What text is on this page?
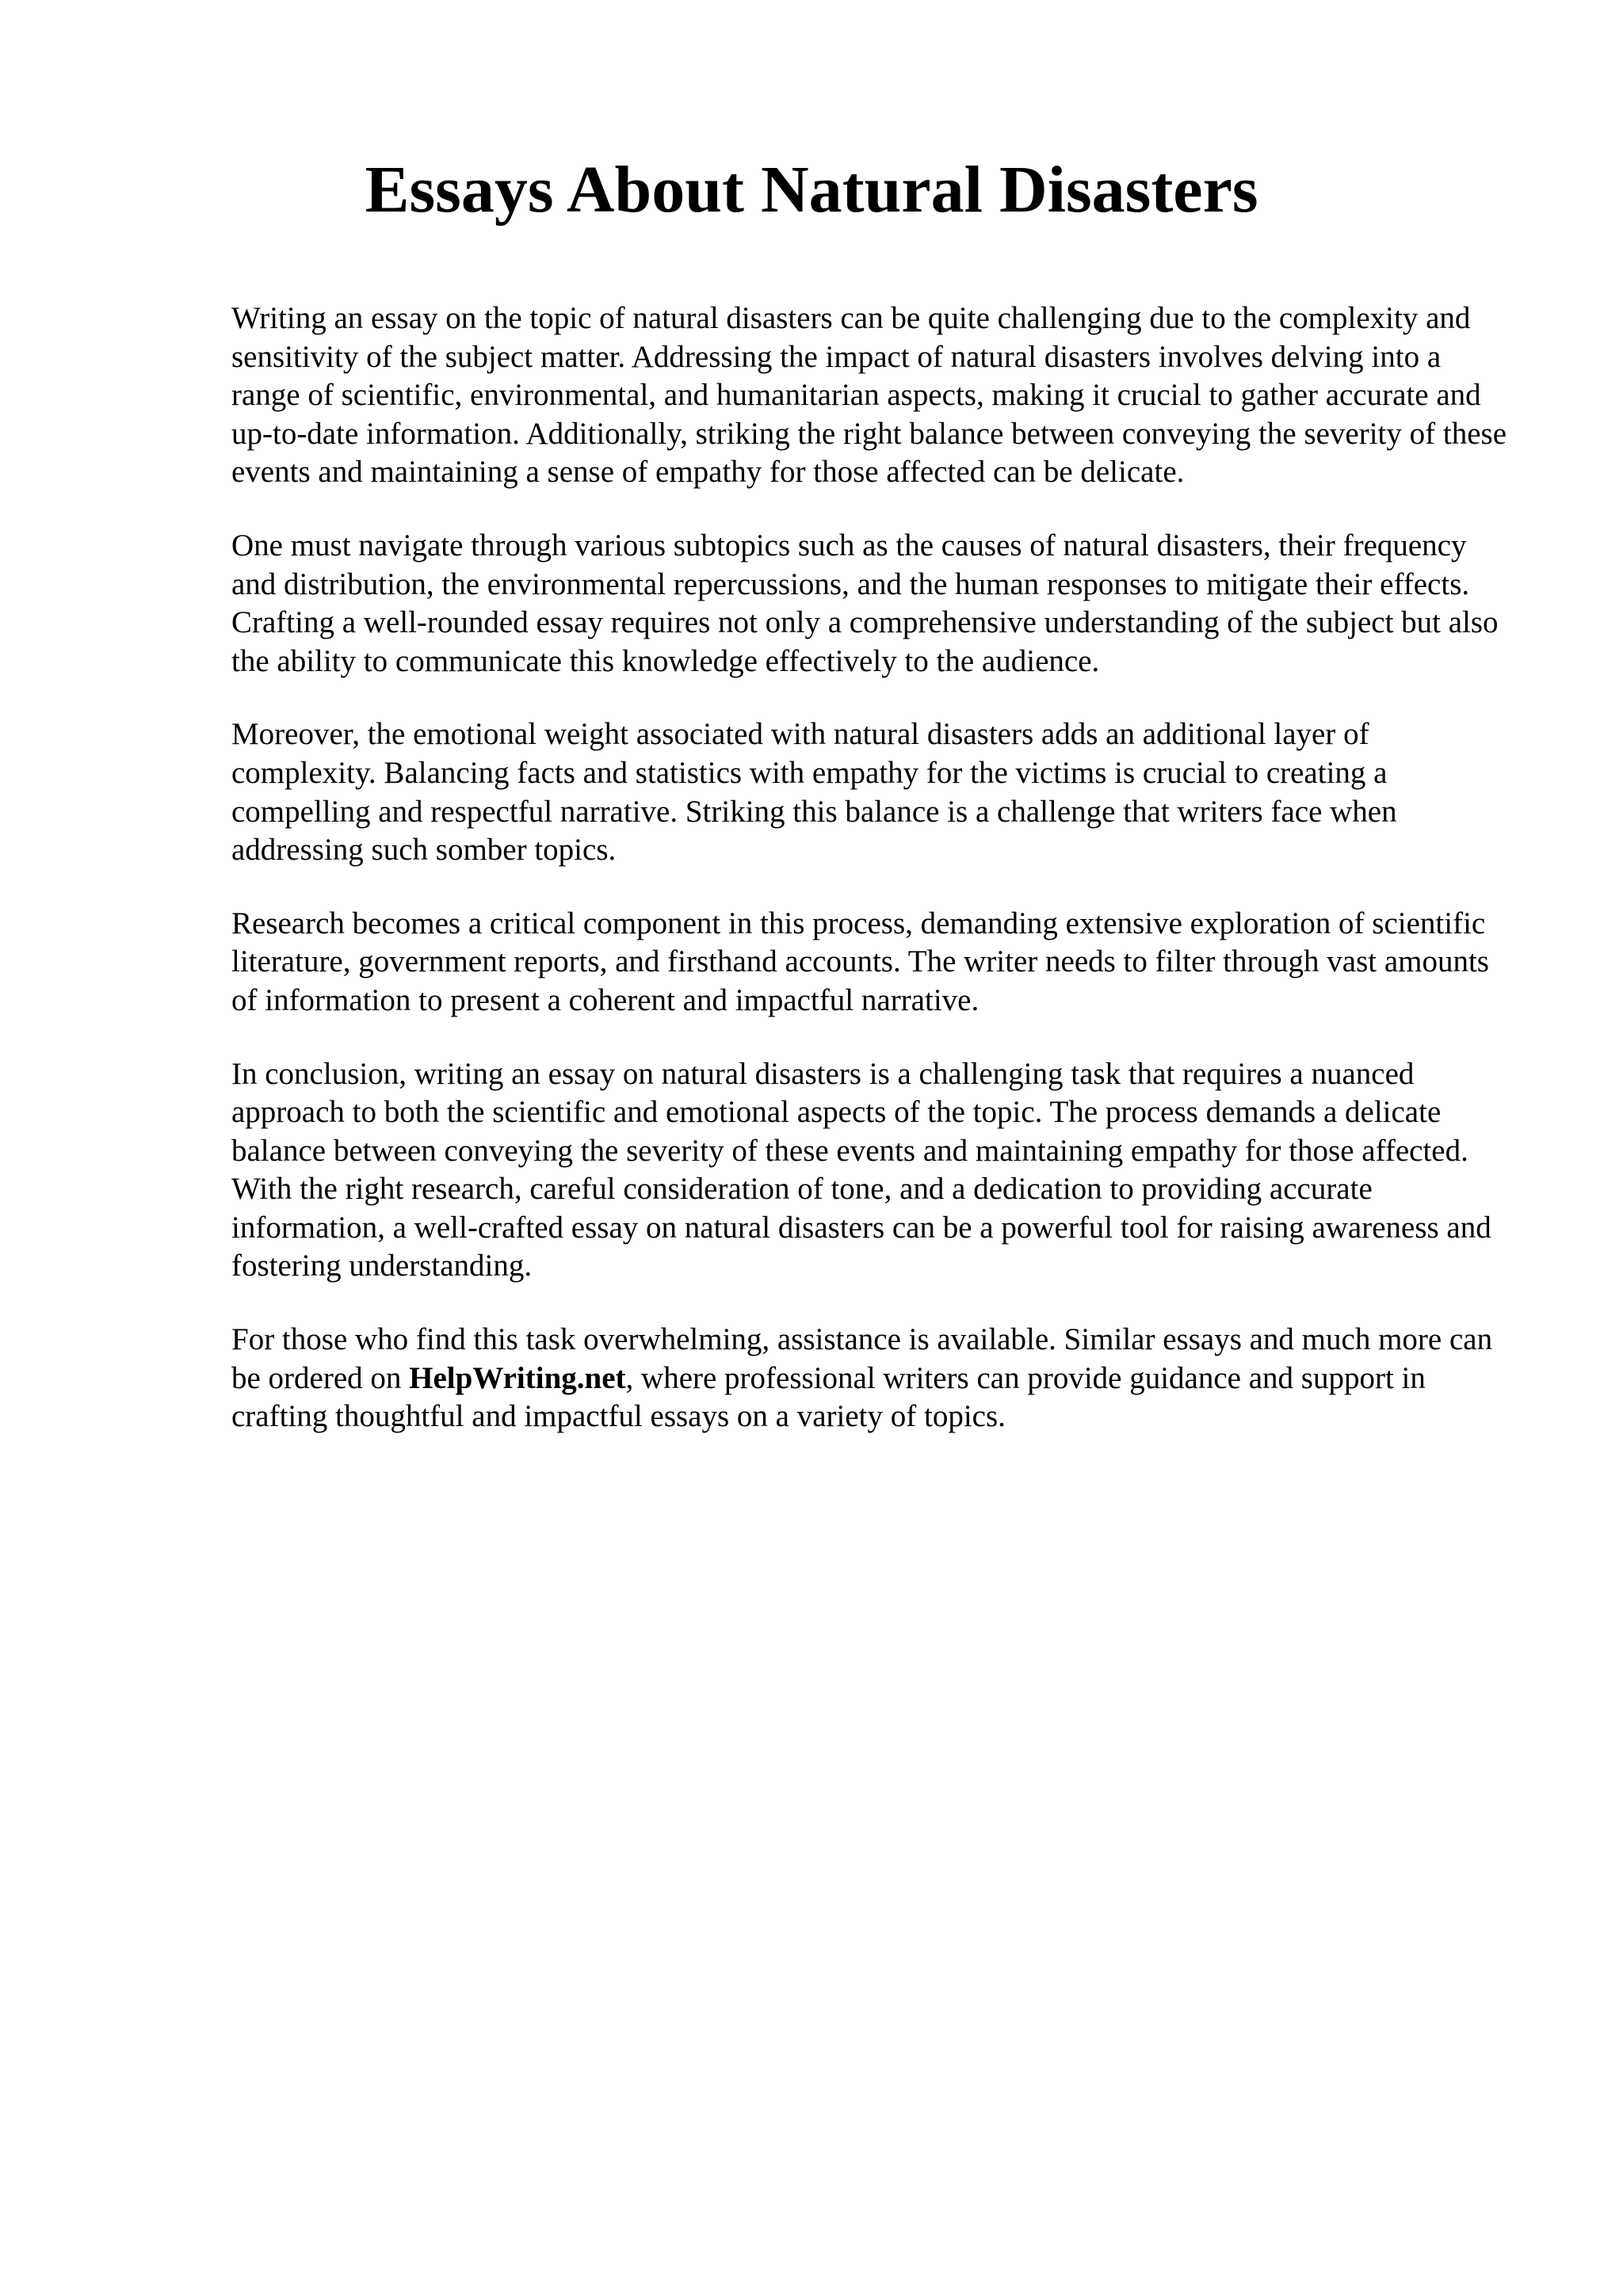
Essays About Natural Disasters

Writing an essay on the topic of natural disasters can be quite challenging due to the complexity and sensitivity of the subject matter. Addressing the impact of natural disasters involves delving into a range of scientific, environmental, and humanitarian aspects, making it crucial to gather accurate and up-to-date information. Additionally, striking the right balance between conveying the severity of these events and maintaining a sense of empathy for those affected can be delicate.

One must navigate through various subtopics such as the causes of natural disasters, their frequency and distribution, the environmental repercussions, and the human responses to mitigate their effects. Crafting a well-rounded essay requires not only a comprehensive understanding of the subject but also the ability to communicate this knowledge effectively to the audience.

Moreover, the emotional weight associated with natural disasters adds an additional layer of complexity. Balancing facts and statistics with empathy for the victims is crucial to creating a compelling and respectful narrative. Striking this balance is a challenge that writers face when addressing such somber topics.

Research becomes a critical component in this process, demanding extensive exploration of scientific literature, government reports, and firsthand accounts. The writer needs to filter through vast amounts of information to present a coherent and impactful narrative.

In conclusion, writing an essay on natural disasters is a challenging task that requires a nuanced approach to both the scientific and emotional aspects of the topic. The process demands a delicate balance between conveying the severity of these events and maintaining empathy for those affected. With the right research, careful consideration of tone, and a dedication to providing accurate information, a well-crafted essay on natural disasters can be a powerful tool for raising awareness and fostering understanding.

For those who find this task overwhelming, assistance is available. Similar essays and much more can be ordered on HelpWriting.net, where professional writers can provide guidance and support in crafting thoughtful and impactful essays on a variety of topics.
